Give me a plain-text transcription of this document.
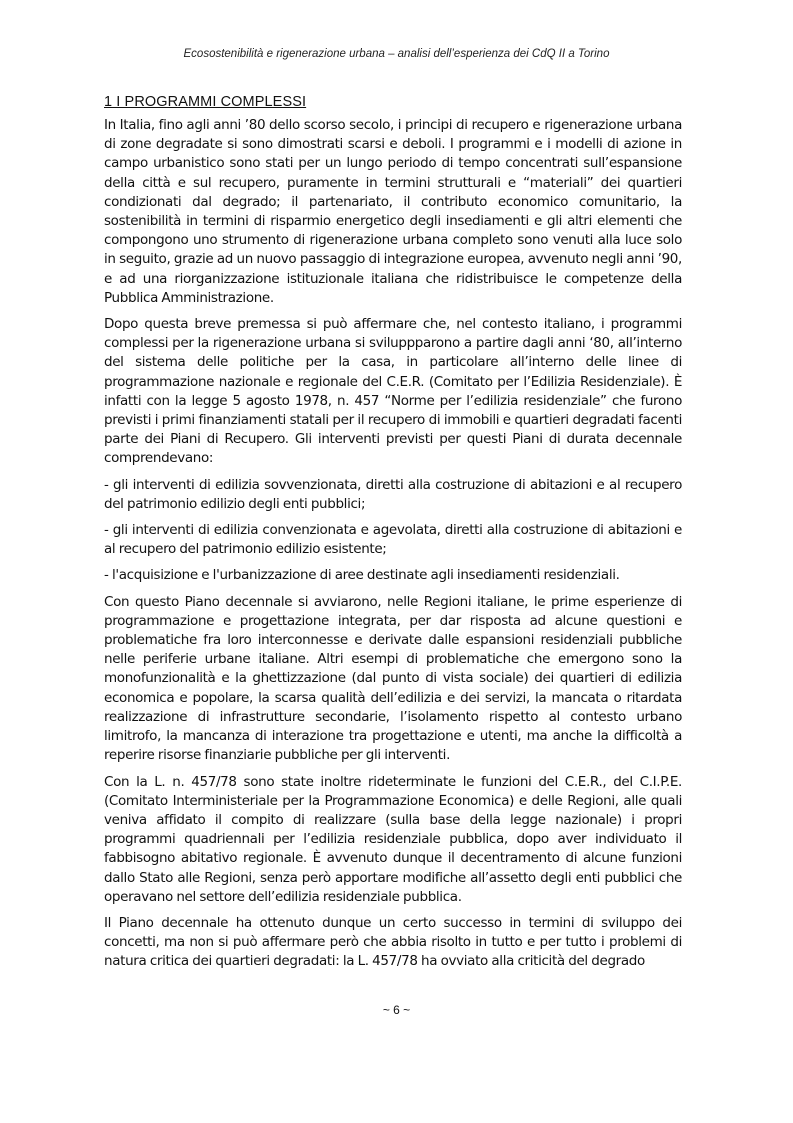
Ecosostenibilità e rigenerazione urbana – analisi dell’esperienza dei CdQ II a Torino
1 I PROGRAMMI COMPLESSI

In Italia, fino agli anni ’80 dello scorso secolo, i principi di recupero e rigenerazione urbana di zone degradate si sono dimostrati scarsi e deboli. I programmi e i modelli di azione in campo urbanistico sono stati per un lungo periodo di tempo concentrati sull’espansione della città e sul recupero, puramente in termini strutturali e “materiali” dei quartieri condizionati dal degrado; il partenariato, il contributo economico comunitario, la sostenibilità in termini di risparmio energetico degli insediamenti e gli altri elementi che compongono uno strumento di rigenerazione urbana completo sono venuti alla luce solo in seguito, grazie ad un nuovo passaggio di integrazione europea, avvenuto negli anni ’90, e ad una riorganizzazione istituzionale italiana che ridistribuisce le competenze della Pubblica Amministrazione.

Dopo questa breve premessa si può affermare che, nel contesto italiano, i programmi complessi per la rigenerazione urbana si sviluppparono a partire dagli anni ‘80, all’interno del sistema delle politiche per la casa, in particolare all’interno delle linee di programmazione nazionale e regionale del C.E.R. (Comitato per l’Edilizia Residenziale). È infatti con la legge 5 agosto 1978, n. 457 “Norme per l’edilizia residenziale” che furono previsti i primi finanziamenti statali per il recupero di immobili e quartieri degradati facenti parte dei Piani di Recupero. Gli interventi previsti per questi Piani di durata decennale comprendevano:

- gli interventi di edilizia sovvenzionata, diretti alla costruzione di abitazioni e al recupero del patrimonio edilizio degli enti pubblici;

- gli interventi di edilizia convenzionata e agevolata, diretti alla costruzione di abitazioni e al recupero del patrimonio edilizio esistente;

- l'acquisizione e l'urbanizzazione di aree destinate agli insediamenti residenziali.

Con questo Piano decennale si avviarono, nelle Regioni italiane, le prime esperienze di programmazione e progettazione integrata, per dar risposta ad alcune questioni e problematiche fra loro interconnesse e derivate dalle espansioni residenziali pubbliche nelle periferie urbane italiane. Altri esempi di problematiche che emergono sono la monofunzionalità e la ghettizzazione (dal punto di vista sociale) dei quartieri di edilizia economica e popolare, la scarsa qualità dell’edilizia e dei servizi, la mancata o ritardata realizzazione di infrastrutture secondarie, l’isolamento rispetto al contesto urbano limitrofo, la mancanza di interazione tra progettazione e utenti, ma anche la difficoltà a reperire risorse finanziarie pubbliche per gli interventi.

Con la L. n. 457/78 sono state inoltre rideterminate le funzioni del C.E.R., del C.I.P.E. (Comitato Interministeriale per la Programmazione Economica) e delle Regioni, alle quali veniva affidato il compito di realizzare (sulla base della legge nazionale) i propri programmi quadriennali per l’edilizia residenziale pubblica, dopo aver individuato il fabbisogno abitativo regionale. È avvenuto dunque il decentramento di alcune funzioni dallo Stato alle Regioni, senza però apportare modifiche all’assetto degli enti pubblici che operavano nel settore dell’edilizia residenziale pubblica.

Il Piano decennale ha ottenuto dunque un certo successo in termini di sviluppo dei concetti, ma non si può affermare però che abbia risolto in tutto e per tutto i problemi di natura critica dei quartieri degradati: la L. 457/78 ha ovviato alla criticità del degrado

~ 6 ~
